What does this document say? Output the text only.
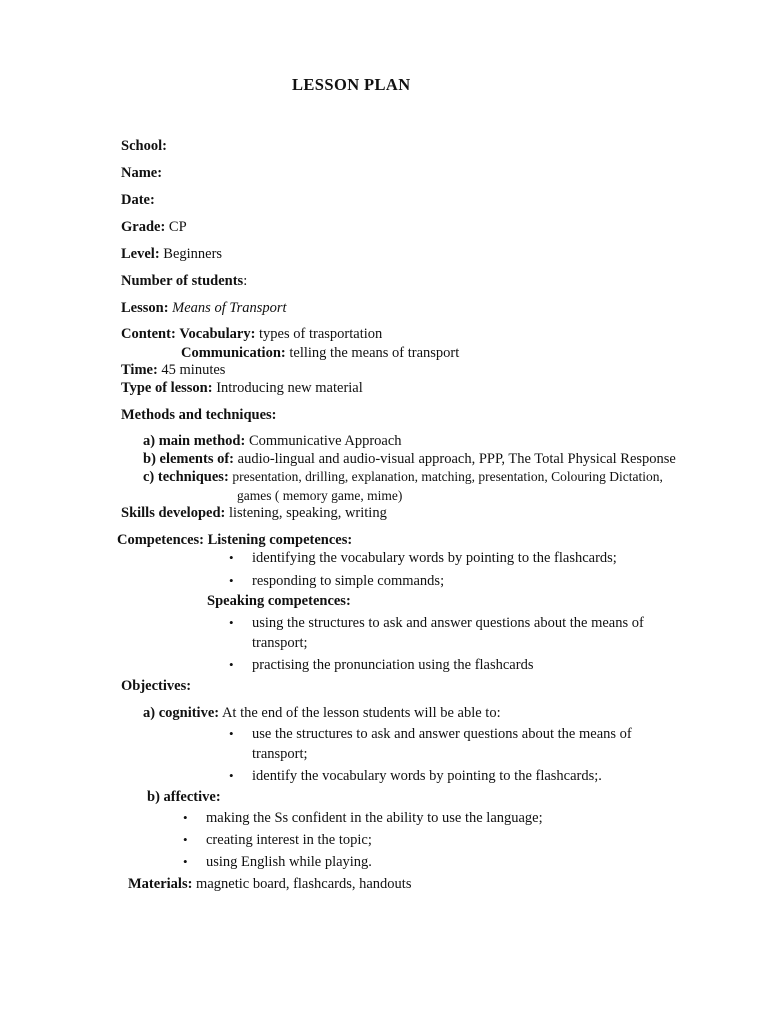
LESSON PLAN
School:
Name:
Date:
Grade: CP
Level: Beginners
Number of students:
Lesson: Means of Transport
Content: Vocabulary: types of trasportation
Communication: telling the means of transport
Time: 45 minutes
Type of lesson: Introducing new material
Methods and techniques:
a) main method: Communicative Approach
b) elements of: audio-lingual and audio-visual approach, PPP, The Total Physical Response
c) techniques: presentation, drilling, explanation, matching, presentation, Colouring Dictation,
games ( memory game, mime)
Skills developed: listening, speaking, writing
Competences: Listening competences:
• identifying the vocabulary words by pointing to the flashcards;
• responding to simple commands;
Speaking competences:
• using the structures to ask and answer questions about the means of
transport;
• practising the pronunciation using the flashcards
Objectives:
a) cognitive: At the end of the lesson students will be able to:
• use the structures to ask and answer questions about the means of
transport;
• identify the vocabulary words by pointing to the flashcards;.
b) affective:
• making the Ss confident in the ability to use the language;
• creating interest in the topic;
• using English while playing.
Materials: magnetic board, flashcards, handouts
